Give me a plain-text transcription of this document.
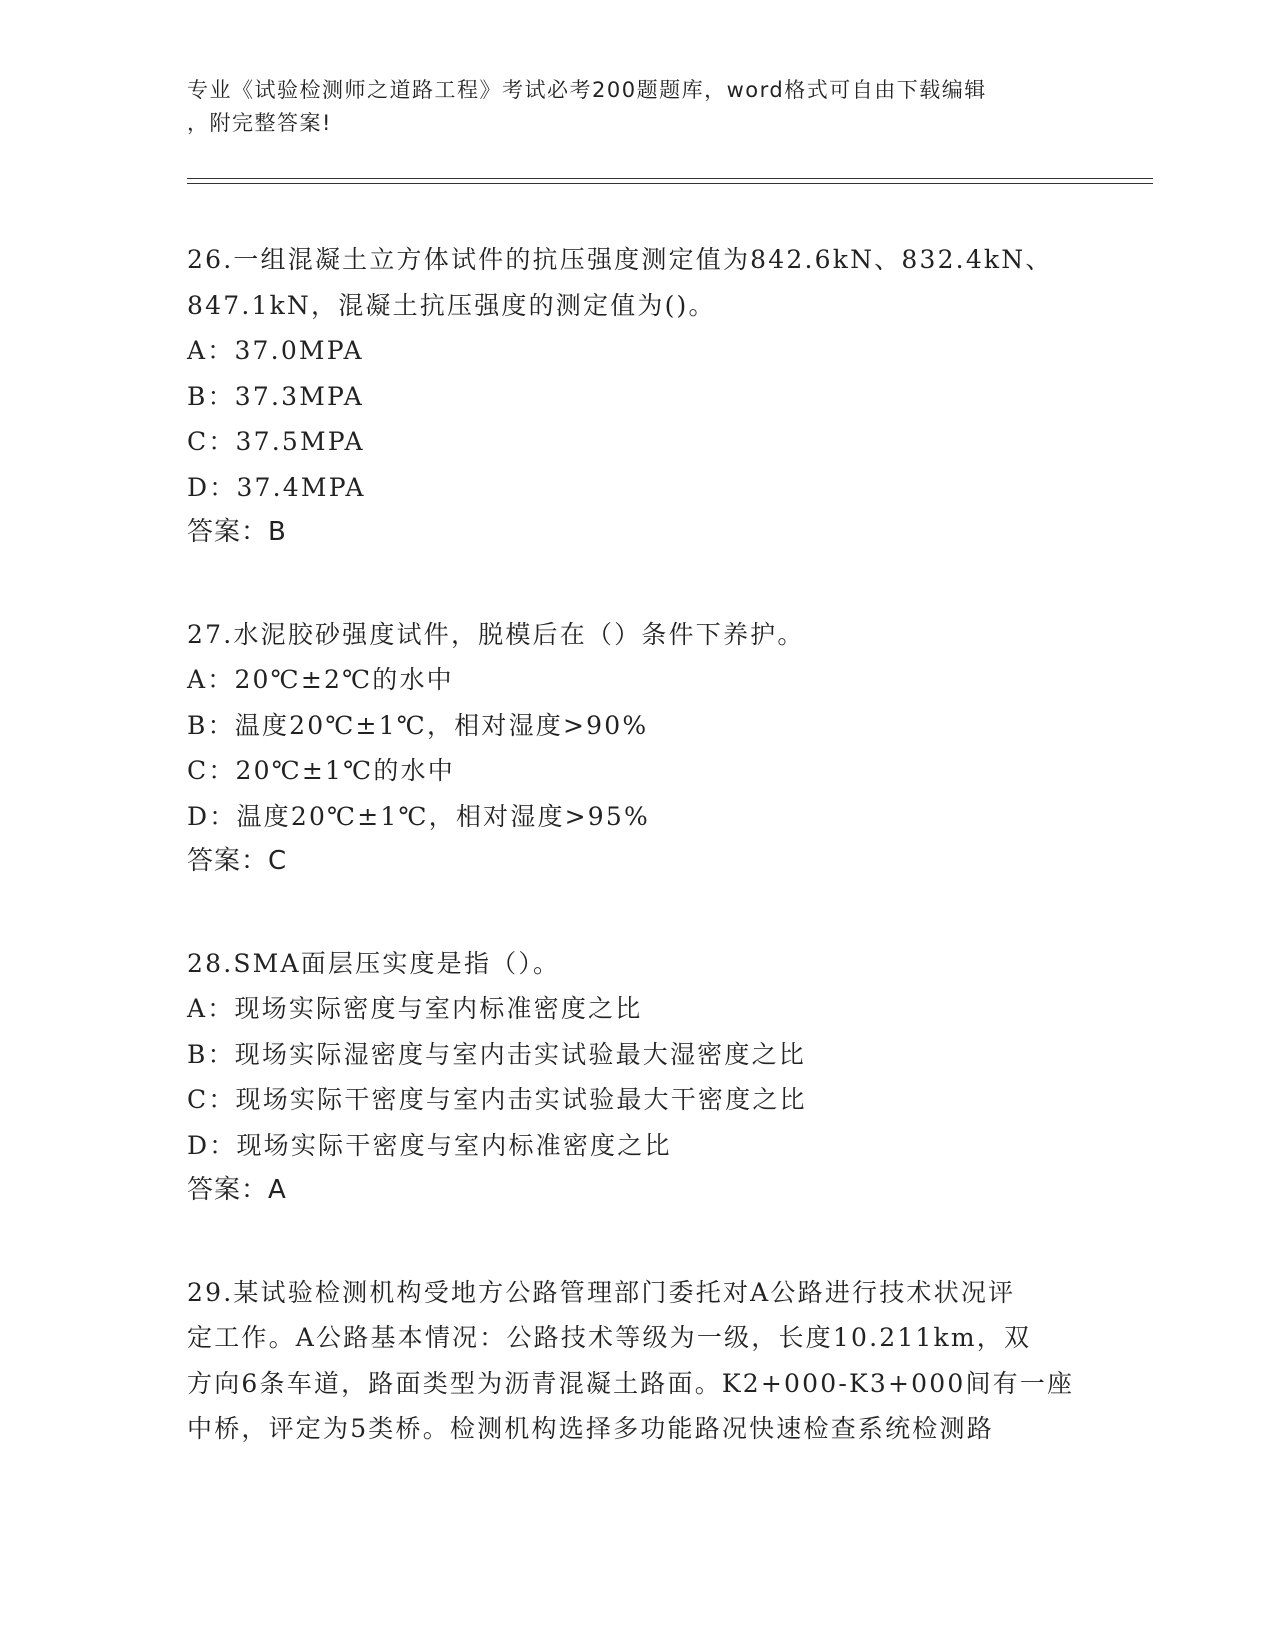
专业《试验检测师之道路工程》考试必考200题题库，word格式可自由下载编辑
，附完整答案!

26.一组混凝土立方体试件的抗压强度测定值为842.6kN、832.4kN、

847.1kN，混凝土抗压强度的测定值为()。

A：37.0MPA

B：37.3MPA

C：37.5MPA

D：37.4MPA

答案：B

27.水泥胶砂强度试件，脱模后在（）条件下养护。

A：20℃±2℃的水中

B：温度20℃±1℃，相对湿度>90%

C：20℃±1℃的水中

D：温度20℃±1℃，相对湿度>95%

答案：C

28.SMA面层压实度是指（）。

A：现场实际密度与室内标准密度之比

B：现场实际湿密度与室内击实试验最大湿密度之比

C：现场实际干密度与室内击实试验最大干密度之比

D：现场实际干密度与室内标准密度之比

答案：A

29.某试验检测机构受地方公路管理部门委托对A公路进行技术状况评

定工作。A公路基本情况：公路技术等级为一级，长度10.211km，双

方向6条车道，路面类型为沥青混凝土路面。K2+000-K3+000间有一座

中桥，评定为5类桥。检测机构选择多功能路况快速检查系统检测路
